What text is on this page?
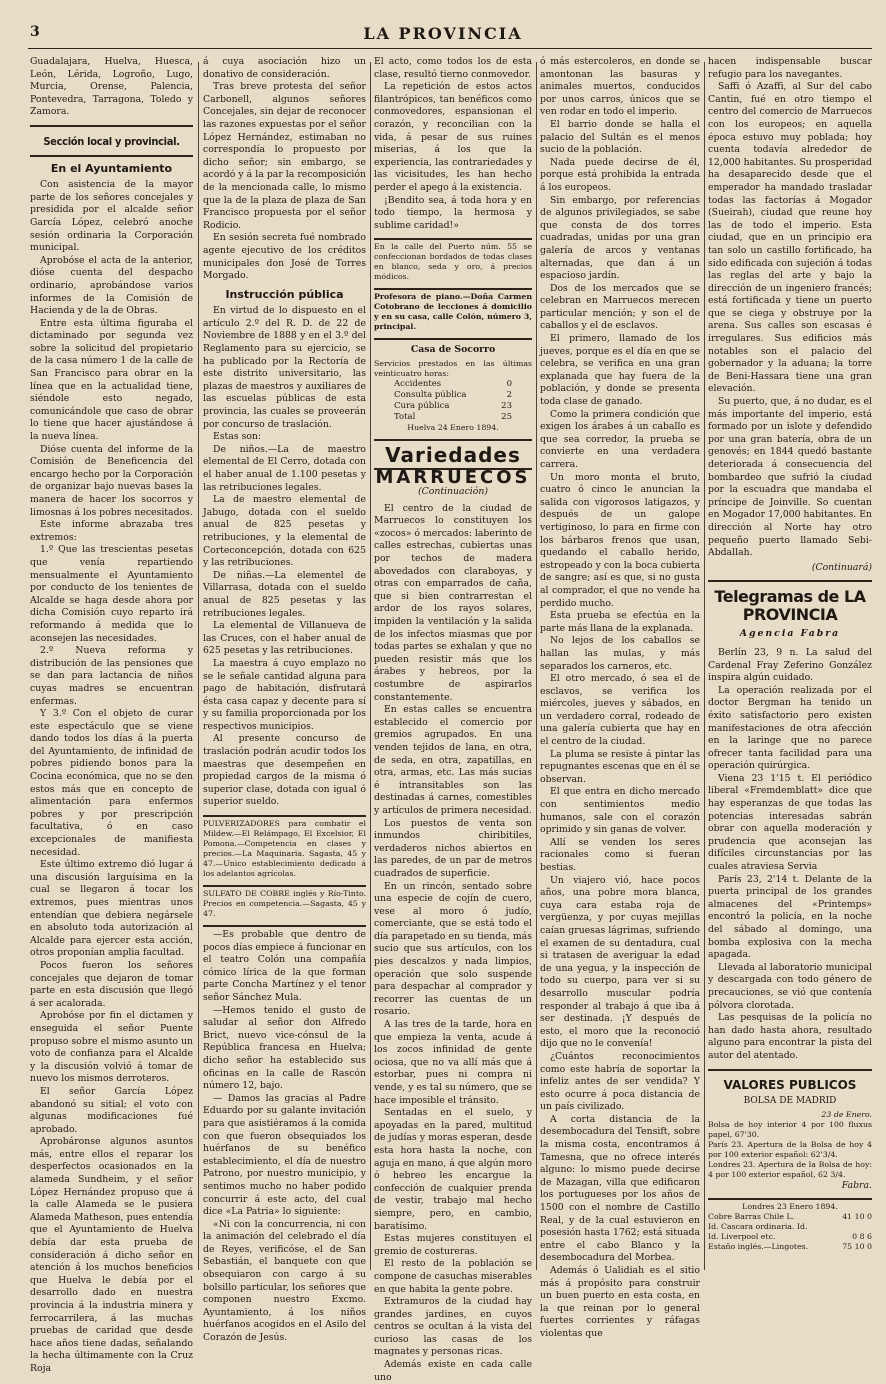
LA PROVINCIA

Guadalajara, Huelva, Huesca, León, Lérida, Logroño, Lugo, Murcia, Orense, Palencia, Pontevedra, Tarragona, Toledo y Zamora.

Sección local y provincial.
En el Ayuntamiento

Con asistencia de la mayor parte de los señores concejales y presidida por el alcalde señor García López, celebró anoche sesión ordinaria la Corporación municipal.

Aprobóse el acta de la anterior, dióse cuenta del despacho ordinario, aprobándose varios informes de la Comisión de Hacienda y de la de Obras.

Entre esta última figuraba el dictaminado por segunda vez sobre la solicitud del propietario de la casa número 1 de la calle de San Francisco para obrar en la línea que en la actualidad tiene, siéndole esto negado, comunicándole que caso de obrar lo tiene que hacer ajustándose á la nueva línea.

Dióse cuenta del informe de la Comisión de Beneficencia del encargo hecho por la Corporación de organizar bajo nuevas bases la manera de hacer los socorros y limosnas á los pobres necesitados.

Este informe abrazaba tres extremos:

1.º Que las trescientas pesetas que venía repartiendo mensualmente el Ayuntamiento por conducto de los tenientes de Alcalde se haga desde ahora por dicha Comisión cuyo reparto irá reformando á medida que lo aconsejen las necesidades.

2.º Nueva reforma y distribución de las pensiones que se dan para lactancia de niños cuyas madres se encuentran enfermas.

Y 3.º Con el objeto de curar este espectáculo que se viene dando todos los días á la puerta del Ayuntamiento, de infinidad de pobres pidiendo bonos para la Cocina económica, que no se den estos más que en concepto de alimentación para enfermos pobres y por prescripción facultativa, ó en caso excepcionales de manifiesta necesidad.

Este último extremo dió lugar á una discusión larguísima en la cual se llegaron á tocar los extremos, pues mientras unos entendían que debiera negársele en absoluto toda autorización al Alcalde para ejercer esta acción, otros proponían amplia facultad.

Pocos fueron los señores concejales que dejaron de tomar parte en esta discusión que llegó á ser acalorada.

Aprobóse por fin el dictamen y enseguida el señor Puente propuso sobre el mismo asunto un voto de confianza para el Alcalde y la discusión volvió á tomar de nuevo los mismos derroteros.

El señor García López abandonó su sitial; el voto con algunas modificaciones fué aprobado.

Aprobáronse algunos asuntos más, entre ellos el reparar los desperfectos ocasionados en la alameda Sundheim, y el señor López Hernández propuso que á la calle Alameda se le pusiera Alameda Matheson, pues entendía que el Ayuntamiento de Huelva debía dar esta prueba de consideración á dicho señor en atención á los muchos beneficios que Huelva le debía por el desarrollo dado en nuestra provincia á la industria minera y ferrocarrilera, á las muchas pruebas de caridad que desde hace años tiene dadas, señalando la hecha últimamente con la Cruz Roja

á cuya asociación hizo un donativo de consideración.

Tras breve protesta del señor Carbonell, algunos señores Concejales, sin dejar de reconocer las razones expuestas por el señor López Hernández, estimaban no correspondía lo propuesto por dicho señor; sin embargo, se acordó y á la par la recomposición de la mencionada calle, lo mismo que la de la plaza de plaza de San Francisco propuesta por el señor Rodicio.

En sesión secreta fué nombrado agente ejecutivo de los créditos municipales don José de Torres Morgado.

Instrucción pública

En virtud de lo dispuesto en el artículo 2.º del R. D. de 22 de Noviembre de 1888 y en el 3.º del Reglamento para su ejercicio, se ha publicado por la Rectoría de este distrito universitario, las plazas de maestros y auxiliares de las escuelas públicas de esta provincia, las cuales se proveerán por concurso de traslación.

Estas son:

De niños.—La de maestro elemental de El Cerro, dotada con el haber anual de 1.100 pesetas y las retribuciones legales.

La de maestro elemental de Jabugo, dotada con el sueldo anual de 825 pesetas y retribuciones, y la elemental de Corteconcepción, dotada con 625 y las retribuciones.

De niñas.—La elementel de Villarrasa, dotada con el sueldo anual de 825 pesetas y las retribuciones legales.

La elemental de Villanueva de las Cruces, con el haber anual de 625 pesetas y las retribuciones.

La maestra á cuyo emplazo no se le señale cantidad alguna para pago de habitación, disfrutará ésta casa capaz y decente para sí y su familia proporcionada por los respectivos municipios.

Al presente concurso de traslación podrán acudir todos los maestras que desempeñen en propiedad cargos de la misma ó superior clase, dotada con igual ó superior sueldo.

PULVERIZADORES para combatir el Mildew.—El Relámpago, El Excelsior, El Pomona.—Competencia en clases y precios.—La Maquinaria. Sagasta, 45 y 47.—Unico establecimiento dedicado á los adelantos agrícolas.

SULFATO DE COBRE inglés y Río-Tinto. Precios en competencia.—Sagasta, 45 y 47.

—Es probable que dentro de pocos días empiece á funcionar en el teatro Colón una compañía cómico lírica de la que forman parte Concha Martínez y el tenor señor Sánchez Mula.

—Hemos tenido el gusto de saludar al señor don Alfredo Brict, nuevo vice-cónsul de la República francesa en Huelva; dicho señor ha establecido sus oficinas en la calle de Rascón número 12, bajo.

— Damos las gracias al Padre Eduardo por su galante invitación para que asistiéramos á la comida con que fueron obsequiados los huérfanos de su benéfico establecimiento, el día de nuestro Patrono, por nuestro municipio, y sentimos mucho no haber podido concurrir á este acto, del cual dice «La Patria» lo siguiente:

«Ni con la concurrencia, ni con la animación del celebrado el día de Reyes, verificóse, el de San Sebastián, el banquete con que obsequiaron con cargo á su bolsillo particular, los señores que componen nuestro Excmo. Ayuntamiento, á los niños huérfanos acogidos en el Asilo del Corazón de Jesús.

El acto, como todos los de esta clase, resultó tierno conmovedor.

La repetición de estos actos filantrópicos, tan benéficos como conmovedores, espansionan el corazón, y reconcilian con la vida, á pesar de sus ruines miserias, á los que la experiencia, las contrariedades y las vicisitudes, les han hecho perder el apego á la existencia.

¡Bendito sea, á toda hora y en todo tiempo, la hermosa y sublime caridad!»

En la calle del Puerto núm. 55 se confeccionan bordados de todas clases en blanco, seda y oro, á precios módicos.

Profesora de piano.—Doña Carmen Cotobrano de lecciones á domicilio y en su casa, calle Colón, número 3, principal.

Casa de Socorro

Servicios prestados en las últimas veinticuatro horas:

Accidentes	0
Consulta pública	2
Cura pública	23
Total	25
Huelva 24 Enero 1894.
Variedades
MARRUECOS
(Continuación)

El centro de la ciudad de Marruecos lo constituyen los «zocos» ó mercados: laberinto de calles estrechas, cubiertas unas por techos de madera abovedados con claraboyas, y otras con emparrados de caña, que si bien contrarrestan el ardor de los rayos solares, impiden la ventilación y la salida de los infectos miasmas que por todas partes se exhalan y que no pueden resistir más que los árabes y hebreos, por la costumbre de aspirarlos constantemente.

En estas calles se encuentra establecido el comercio por gremios agrupados. En una venden tejidos de lana, en otra, de seda, en otra, zapatillas, en otra, armas, etc. Las más sucias é intransitables son las destinadas á carnes, comestibles y artículos de primera necesidad.

Los puestos de venta son inmundos chiribitiles, verdaderos nichos abiertos en las paredes, de un par de metros cuadrados de superficie.

En un rincón, sentado sobre una especie de cojín de cuero, vese al moro ó judío, comerciante, que se está todo el día parapetado en su tienda, más sucio que sus artículos, con los pies descalzos y nada limpios, operación que solo suspende para despachar al comprador y recorrer las cuentas de un rosario.

A las tres de la tarde, hora en que empieza la venta, acude á los zocos infinidad de gente ociosa, que no va allí más que á estorbar, pues ni compra ni vende, y es tal su número, que se hace imposible el tránsito.

Sentadas en el suelo, y apoyadas en la pared, multitud de judías y moras esperan, desde esta hora hasta la noche, con aguja en mano, á que algún moro ó hebreo les encargue la confección de cualquier prenda de vestir, trabajo mal hecho siempre, pero, en cambio, baratísimo.

Estas mujeres constituyen el gremio de costureras.

El resto de la población se compone de casuchas miserables en que habita la gente pobre.

Extramuros de la ciudad hay grandes jardines, en cuyos centros se ocultan á la vista del curioso las casas de los magnates y personas ricas.

Además existe en cada calle uno

ó más estercoleros, en donde se amontonan las basuras y animales muertos, conducidos por unos carros, únicos que se ven rodar en todo el imperio.

El barrio donde se halla el palacio del Sultán es el menos sucio de la población.

Nada puede decirse de él, porque está prohibida la entrada á los europeos.

Sin embargo, por referencias de algunos privilegiados, se sabe que consta de dos torres cuadradas, unidas por una gran galería de arcos y ventanas alternadas, que dan á un espacioso jardín.

Dos de los mercados que se celebran en Marruecos merecen particular mención; y son el de caballos y el de esclavos.

El primero, llamado de los jueves, porque es el día en que se celebra, se verifica en una gran explanada que hay fuera de la población, y donde se presenta toda clase de ganado.

Como la primera condición que exigen los árabes á un caballo es que sea corredor, la prueba se convierte en una verdadera carrera.

Un moro monta el bruto, cuatro ó cinco le anuncian la salida con vigorosos latigazos, y después de un galope vertiginoso, lo para en firme con los bárbaros frenos que usan, quedando el caballo herido, estropeado y con la boca cubierta de sangre; así es que, si no gusta al comprador, el que no vende ha perdido mucho.

Esta prueba se efectúa en la parte más llana de la explanada.

No lejos de los caballos se hallan las mulas, y más separados los carneros, etc.

El otro mercado, ó sea el de esclavos, se verifica los miércoles, jueves y sábados, en un verdadero corral, rodeado de una galería cubierta que hay en el centro de la ciudad.

La pluma se resiste á pintar las repugnantes escenas que en él se observan.

El que entra en dicho mercado con sentimientos medio humanos, sale con el corazón oprimido y sin ganas de volver.

Allí se venden los seres racionales como si fueran bestias.

Un viajero vió, hace pocos años, una pobre mora blanca, cuya cara estaba roja de vergüenza, y por cuyas mejillas caían gruesas lágrimas, sufriendo el examen de su dentadura, cual si tratasen de averiguar la edad de una yegua, y la inspección de todo su cuerpo, para ver si su desarrollo muscular podría responder al trabajo á que iba á ser destinada. ¡Y después de esto, el moro que la reconoció dijo que no le convenía!

¿Cuántos reconocimientos como este habría de soportar la infeliz antes de ser vendida? Y esto ocurre á poca distancia de un país civilizado.

A corta distancia de la desembocadura del Tensift, sobre la misma costa, encontramos á Tamesna, que no ofrece interés alguno: lo mismo puede decirse de Mazagan, villa que edificaron los portugueses por los años de 1500 con el nombre de Castillo Real, y de la cual estuvieron en posesión hasta 1762; está situada entre el cabo Blanco y la desembocadura del Morbea.

Además ó Ualidiah es el sitio más á propósito para construir un buen puerto en esta costa, en la que reinan por lo general fuertes corrientes y ráfagas violentas que

hacen indispensable buscar refugio para los navegantes.

Saffi ó Azaffi, al Sur del cabo Cantin, fué en otro tiempo el centro del comercio de Marruecos con los europeos; en aquella época estuvo muy poblada; hoy cuenta todavía alrededor de 12,000 habitantes. Su prosperidad ha desaparecido desde que el emperador ha mandado trasladar todas las factorías á Mogador (Sueirah), ciudad que reune hoy las de todo el imperio. Esta ciudad, que en un principio era tan solo un castillo fortificado, ha sido edificada con sujeción á todas las reglas del arte y bajo la dirección de un ingeniero francés; está fortificada y tiene un puerto que se ciega y obstruye por la arena. Sus calles son escasas é irregulares. Sus edificios más notables son el palacio del gobernador y la aduana; la torre de Beni-Hassara tiene una gran elevación.

Su puerto, que, á no dudar, es el más importante del imperio, está formado por un islote y defendido por una gran batería, obra de un genovés; en 1844 quedó bastante deteriorada á consecuencia del bombardeo que sufrió la ciudad por la escuadra que mandaba el príncipe de Joinville. So cuentan en Mogador 17,000 habitantes. En dirección al Norte hay otro pequeño puerto llamado Sebi-Abdallah.

(Continuará)
Telegramas de LA PROVINCIA
Agencia Fabra

Berlín 23, 9 n. La salud del Cardenal Fray Zeferino González inspira algún cuidado.

La operación realizada por el doctor Bergman ha tenido un éxito satisfactorio pero existen manifestaciones de otra afección en la laringe que no parece ofrecer tanta facilidad para una operación quirúrgica.

Viena 23 1'15 t. El periódico liberal «Fremdemblatt» dice que hay esperanzas de que todas las potencias interesadas sabrán obrar con aquella moderación y prudencia que aconsejan las difíciles circunstancias por las cuales atraviesa Servia

París 23, 2'14 t. Delante de la puerta principal de los grandes almacenes del «Printemps» encontró la policía, en la noche del sábado al domingo, una bomba explosiva con la mecha apagada.

Llevada al laboratorio municipal y descargada con todo género de precauciones, se vió que contenía pólvora clorotada.

Las pesquisas de la policía no han dado hasta ahora, resultado alguno para encontrar la pista del autor del atentado.

VALORES PUBLICOS
BOLSA DE MADRID
23 de Enero.

Bolsa de hoy interior 4 por 100 fluxus papel, 67'30.

París 23. Apertura de la Bolsa de hoy 4 por 100 exterior español: 62'3/4.

Londres 23. Apertura de la Bolsa de hoy: 4 por 100 exterior español, 62 3/4.

Fabra.
Londres 23 Enero 1894.
Cobre Barras Chile L.	41 10 0
Id. Cascara ordinaria. Id.
Id. Liverpool etc.	0 8 6
Estaño inglés.—Lingotes.	75 10 0
3
